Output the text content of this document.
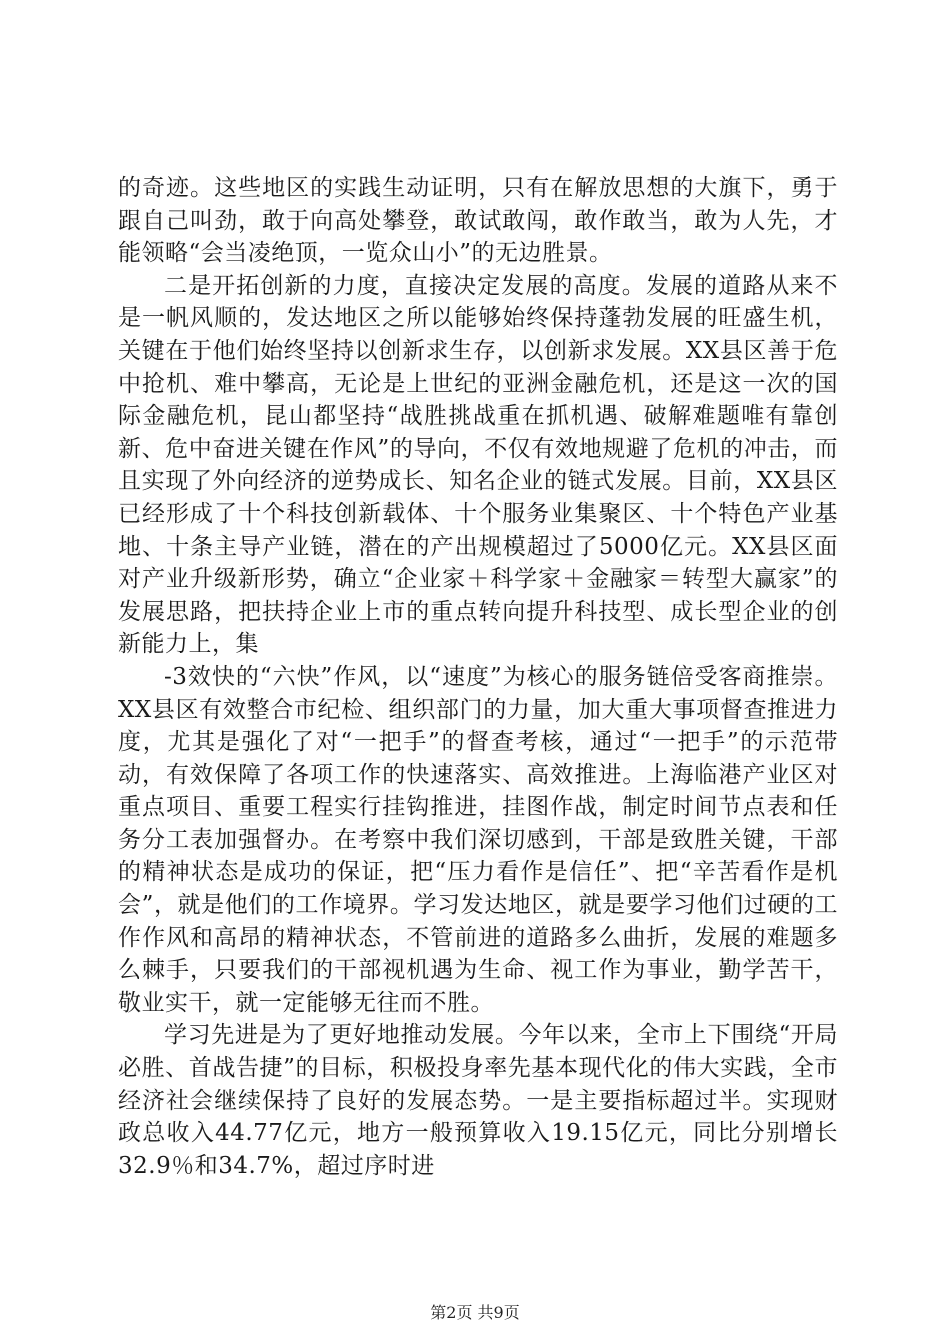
的奇迹。这些地区的实践生动证明，只有在解放思想的大旗下，勇于跟自己叫劲，敢于向高处攀登，敢试敢闯，敢作敢当，敢为人先，才能领略“会当凌绝顶，一览众山小”的无边胜景。

二是开拓创新的力度，直接决定发展的高度。发展的道路从来不是一帆风顺的，发达地区之所以能够始终保持蓬勃发展的旺盛生机，关键在于他们始终坚持以创新求生存，以创新求发展。XX县区善于危中抢机、难中攀高，无论是上世纪的亚洲金融危机，还是这一次的国际金融危机，昆山都坚持“战胜挑战重在抓机遇、破解难题唯有靠创新、危中奋进关键在作风”的导向，不仅有效地规避了危机的冲击，而且实现了外向经济的逆势成长、知名企业的链式发展。目前，XX县区已经形成了十个科技创新载体、十个服务业集聚区、十个特色产业基地、十条主导产业链，潜在的产出规模超过了5000亿元。XX县区面对产业升级新形势，确立“企业家＋科学家＋金融家＝转型大赢家”的发展思路，把扶持企业上市的重点转向提升科技型、成长型企业的创新能力上，集

-3效快的“六快”作风，以“速度”为核心的服务链倍受客商推崇。XX县区有效整合市纪检、组织部门的力量，加大重大事项督查推进力度，尤其是强化了对“一把手”的督查考核，通过“一把手”的示范带动，有效保障了各项工作的快速落实、高效推进。上海临港产业区对重点项目、重要工程实行挂钩推进，挂图作战，制定时间节点表和任务分工表加强督办。在考察中我们深切感到，干部是致胜关键，干部的精神状态是成功的保证，把“压力看作是信任”、把“辛苦看作是机会”，就是他们的工作境界。学习发达地区，就是要学习他们过硬的工作作风和高昂的精神状态，不管前进的道路多么曲折，发展的难题多么棘手，只要我们的干部视机遇为生命、视工作为事业，勤学苦干，敬业实干，就一定能够无往而不胜。

学习先进是为了更好地推动发展。今年以来，全市上下围绕“开局必胜、首战告捷”的目标，积极投身率先基本现代化的伟大实践，全市经济社会继续保持了良好的发展态势。一是主要指标超过半。实现财政总收入44.77亿元，地方一般预算收入19.15亿元，同比分别增长32.9％和34.7%，超过序时进

第2页 共9页
